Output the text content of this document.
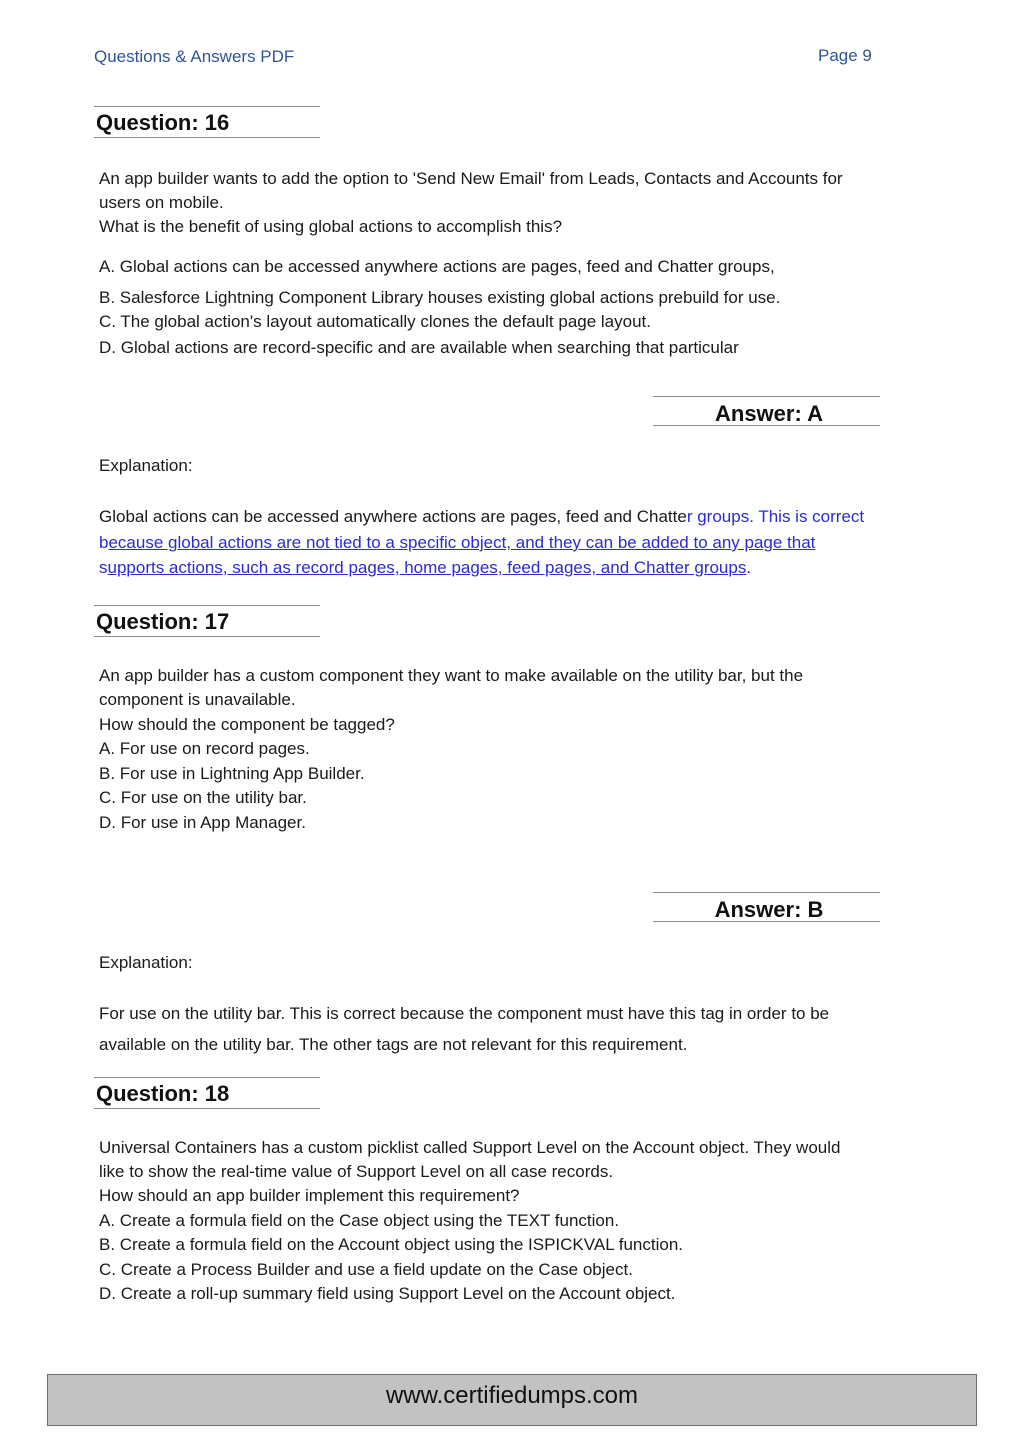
Questions & Answers PDF	Page 9
Question: 16
An app builder wants to add the option to 'Send New Email' from Leads, Contacts and Accounts for
users on mobile.
What is the benefit of using global actions to accomplish this?
A. Global actions can be accessed anywhere actions are pages, feed and Chatter groups,
B. Salesforce Lightning Component Library houses existing global actions prebuild for use.
C. The global action's layout automatically clones the default page layout.
D. Global actions are record-specific and are available when searching that particular
Answer: A
Explanation:
Global actions can be accessed anywhere actions are pages, feed and Chatter groups. This is correct
because global actions are not tied to a specific object, and they can be added to any page that
supports actions, such as record pages, home pages, feed pages, and Chatter groups.
Question: 17
An app builder has a custom component they want to make available on the utility bar, but the
component is unavailable.
How should the component be tagged?
A. For use on record pages.
B. For use in Lightning App Builder.
C. For use on the utility bar.
D. For use in App Manager.
Answer: B
Explanation:
For use on the utility bar. This is correct because the component must have this tag in order to be
available on the utility bar. The other tags are not relevant for this requirement.
Question: 18
Universal Containers has a custom picklist called Support Level on the Account object. They would
like to show the real-time value of Support Level on all case records.
How should an app builder implement this requirement?
A. Create a formula field on the Case object using the TEXT function.
B. Create a formula field on the Account object using the ISPICKVAL function.
C. Create a Process Builder and use a field update on the Case object.
D. Create a roll-up summary field using Support Level on the Account object.
www.certifiedumps.com
